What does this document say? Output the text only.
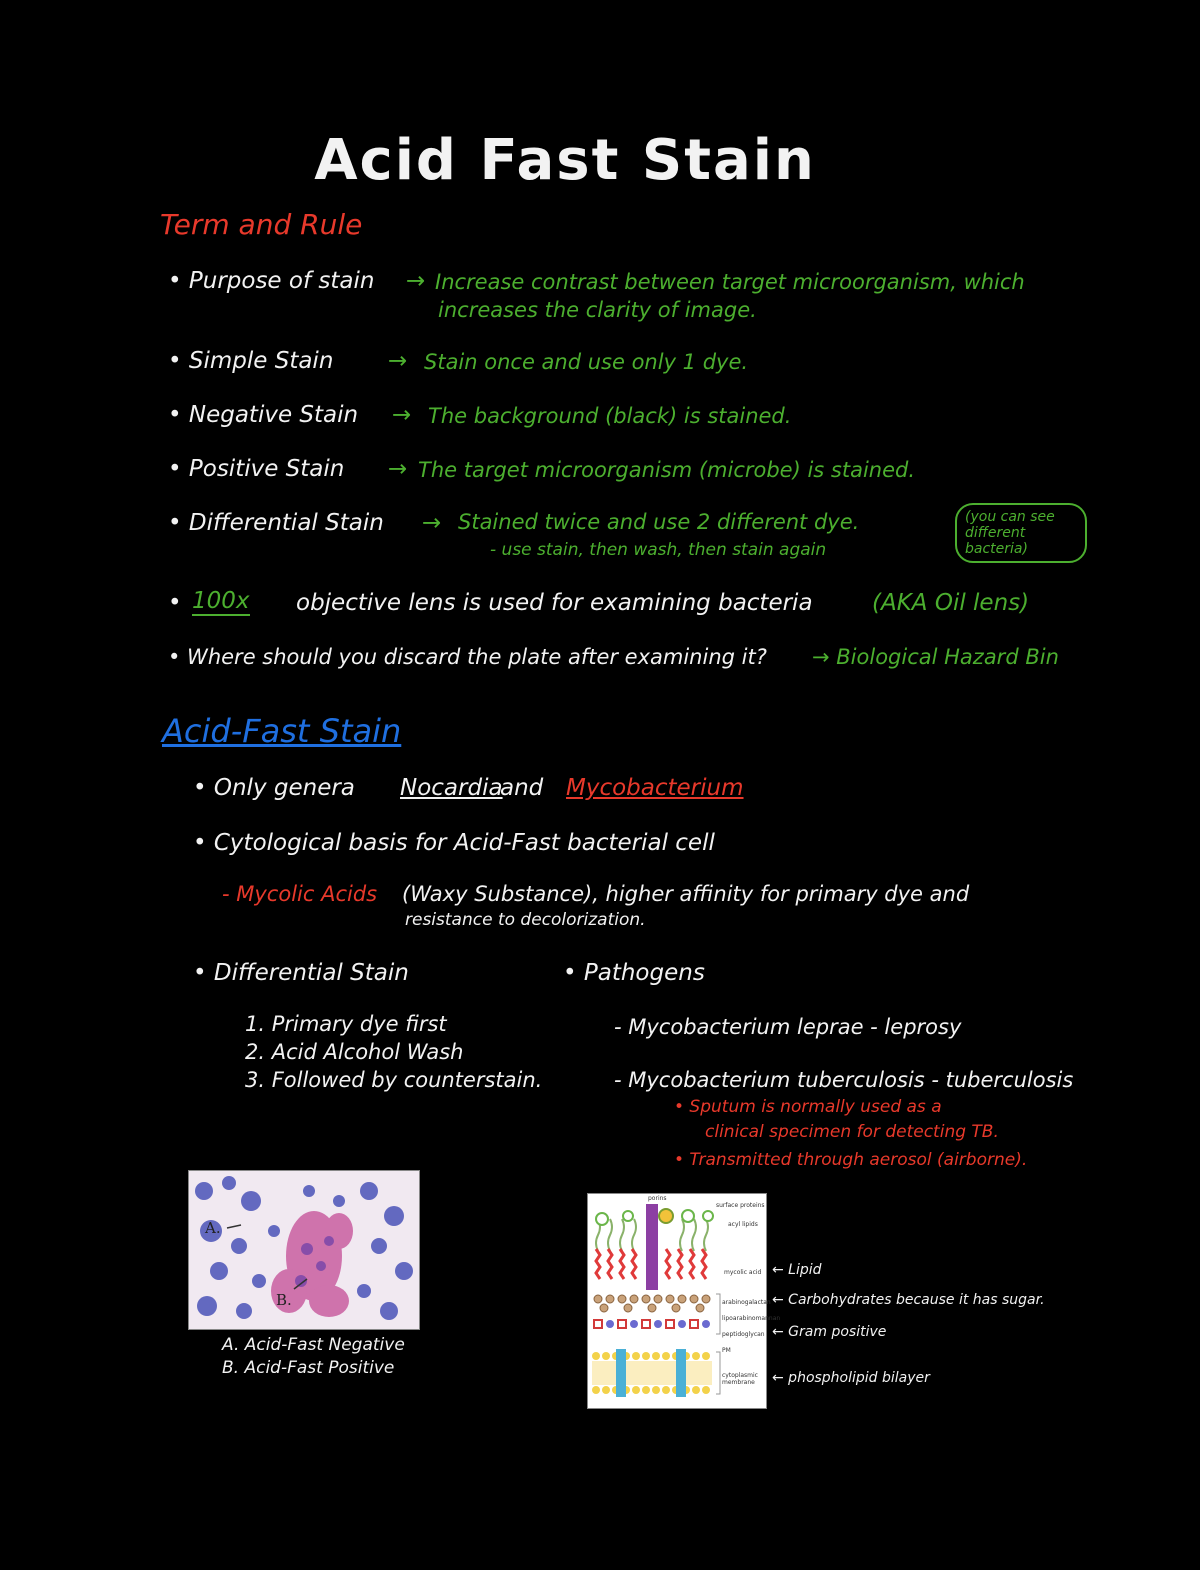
Acid Fast Stain
Term and Rule
• Purpose of stain → Increase contrast between target microorganism, which
increases the clarity of image.
• Simple Stain → Stain once and use only 1 dye.
• Negative Stain → The background (black) is stained.
• Positive Stain → The target microorganism (microbe) is stained.
• Differential Stain → Stained twice and use 2 different dye.
- use stain, then wash, then stain again
(you can see different bacteria)
• 100x objective lens is used for examining bacteria	(AKA Oil lens)
• Where should you discard the plate after examining it? → Biological Hazard Bin
Acid-Fast Stain
• Only genera Nocardia
and Mycobacterium
• Cytological basis for Acid-Fast bacterial cell
- Mycolic Acids (Waxy Substance), higher affinity for primary dye and
resistance to decolorization.
• Differential Stain
1. Primary dye first
2. Acid Alcohol Wash
3. Followed by counterstain.
• Pathogens
- Mycobacterium leprae - leprosy
- Mycobacterium tuberculosis - tuberculosis
• Sputum is normally used as a
clinical specimen for detecting TB.
• Transmitted through aerosol (airborne).
A.
B.
A. Acid-Fast Negative
B. Acid-Fast Positive
porins
surface proteins
acyl lipids
mycolic acid
arabinogalactan
lipoarabinomannan
peptidoglycan
PM
cytoplasmic membrane
← Lipid
← Carbohydrates because it has sugar.
← Gram positive
← phospholipid bilayer
